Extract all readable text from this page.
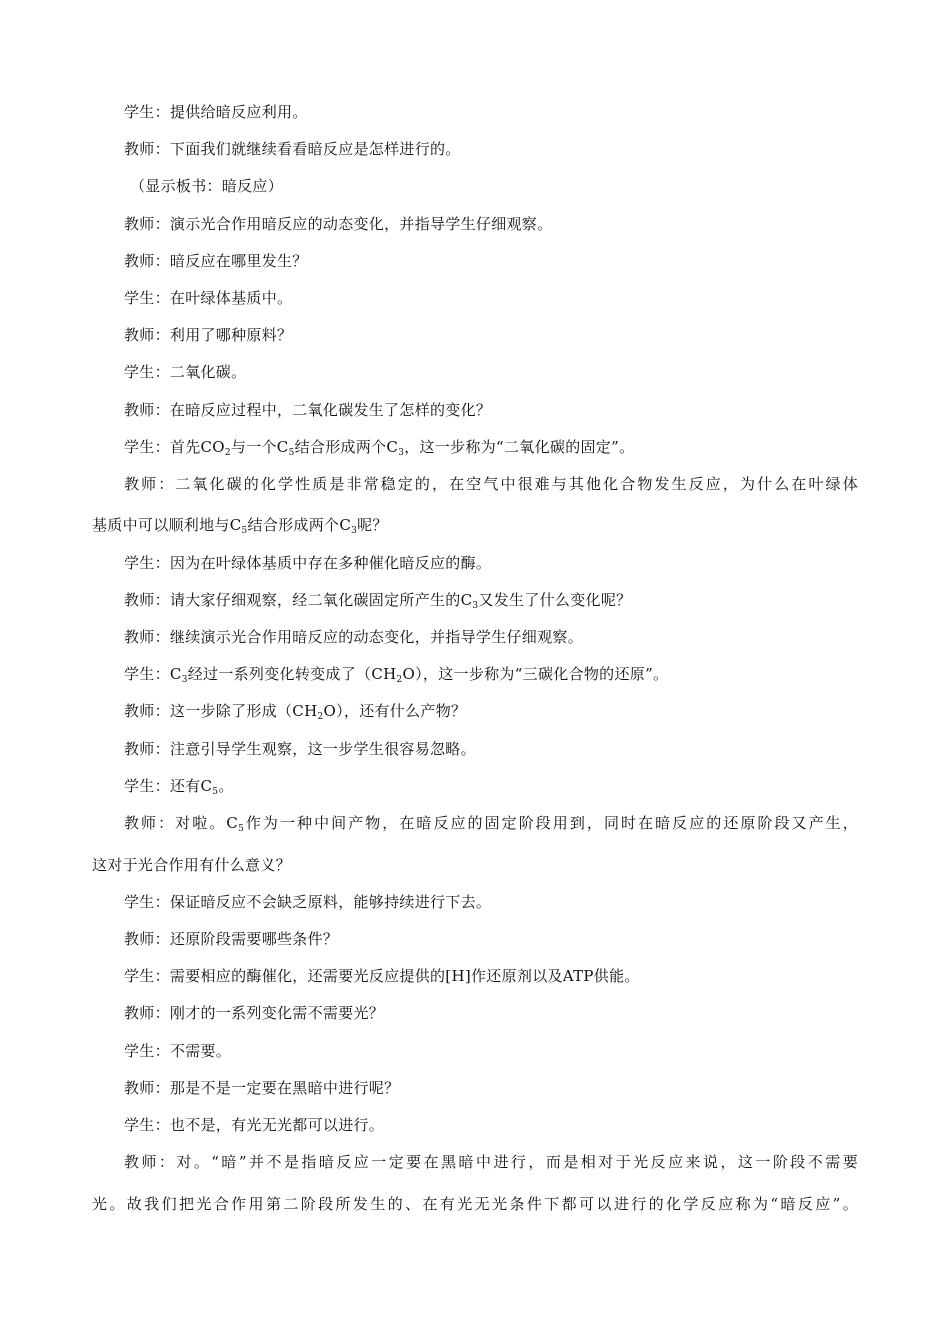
学生：提供给暗反应利用。
教师：下面我们就继续看看暗反应是怎样进行的。
（显示板书：暗反应）
教师：演示光合作用暗反应的动态变化，并指导学生仔细观察。
教师：暗反应在哪里发生？
学生：在叶绿体基质中。
教师：利用了哪种原料？
学生：二氧化碳。
教师：在暗反应过程中，二氧化碳发生了怎样的变化？
学生：首先$CO_2$与一个$C_5$结合形成两个$C_3$，这一步称为“二氧化碳的固定”。
教师：二氧化碳的化学性质是非常稳定的，在空气中很难与其他化合物发生反应，为什么在叶绿体
基质中可以顺利地与$C_5$结合形成两个$C_3$呢？
学生：因为在叶绿体基质中存在多种催化暗反应的酶。
教师：请大家仔细观察，经二氧化碳固定所产生的$C_3$又发生了什么变化呢？
教师：继续演示光合作用暗反应的动态变化，并指导学生仔细观察。
学生：$C_3$经过一系列变化转变成了$(CH_2O)$，这一步称为“三碳化合物的还原”。
教师：这一步除了形成$(CH_2O)$，还有什么产物？
教师：注意引导学生观察，这一步学生很容易忽略。
学生：还有$C_5$。
教师：对啦。$C_5$作为一种中间产物，在暗反应的固定阶段用到，同时在暗反应的还原阶段又产生，
这对于光合作用有什么意义？
学生：保证暗反应不会缺乏原料，能够持续进行下去。
教师：还原阶段需要哪些条件？
学生：需要相应的酶催化，还需要光反应提供的[H]作还原剂以及ATP供能。
教师：刚才的一系列变化需不需要光？
学生：不需要。
教师：那是不是一定要在黑暗中进行呢？
学生：也不是，有光无光都可以进行。
教师：对。“暗”并不是指暗反应一定要在黑暗中进行，而是相对于光反应来说，这一阶段不需要
光。故我们把光合作用第二阶段所发生的、在有光无光条件下都可以进行的化学反应称为“暗反应”。
